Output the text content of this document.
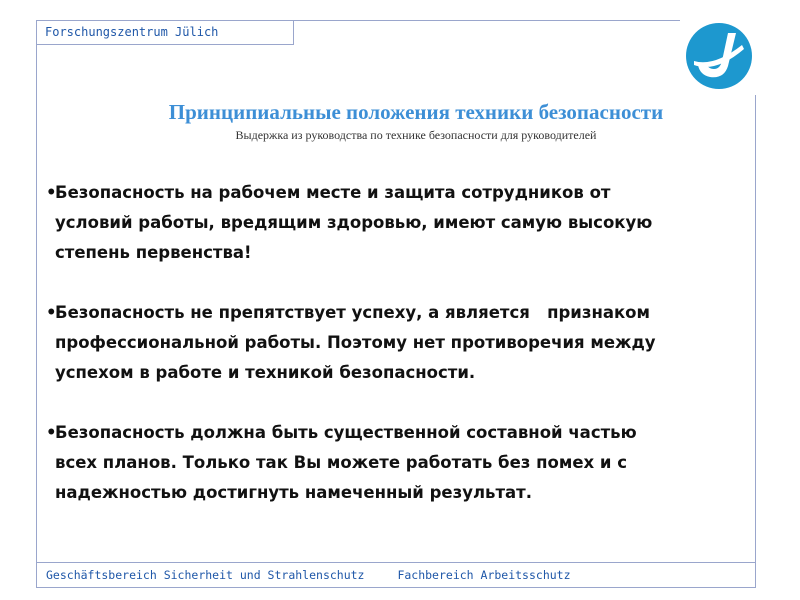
Forschungszentrum Jülich
Принципиальные положения техники безопасности
Выдержка из руководства по технике безопасности для руководителей
•
Безопасность на рабочем месте и защита сотрудников от
условий работы, вредящим здоровью, имеют самую высокую
степень первенства!
•
Безопасность не препятствует успеху, а является   признаком
профессиональной работы. Поэтому нет противоречия между
успехом в работе и техникой безопасности.
•
Безопасность должна быть существенной составной частью
всех планов. Только так Вы можете работать без помех и с
надежностью достигнуть намеченный результат.
Geschäftsbereich Sicherheit und Strahlenschutz	Fachbereich Arbeitsschutz
